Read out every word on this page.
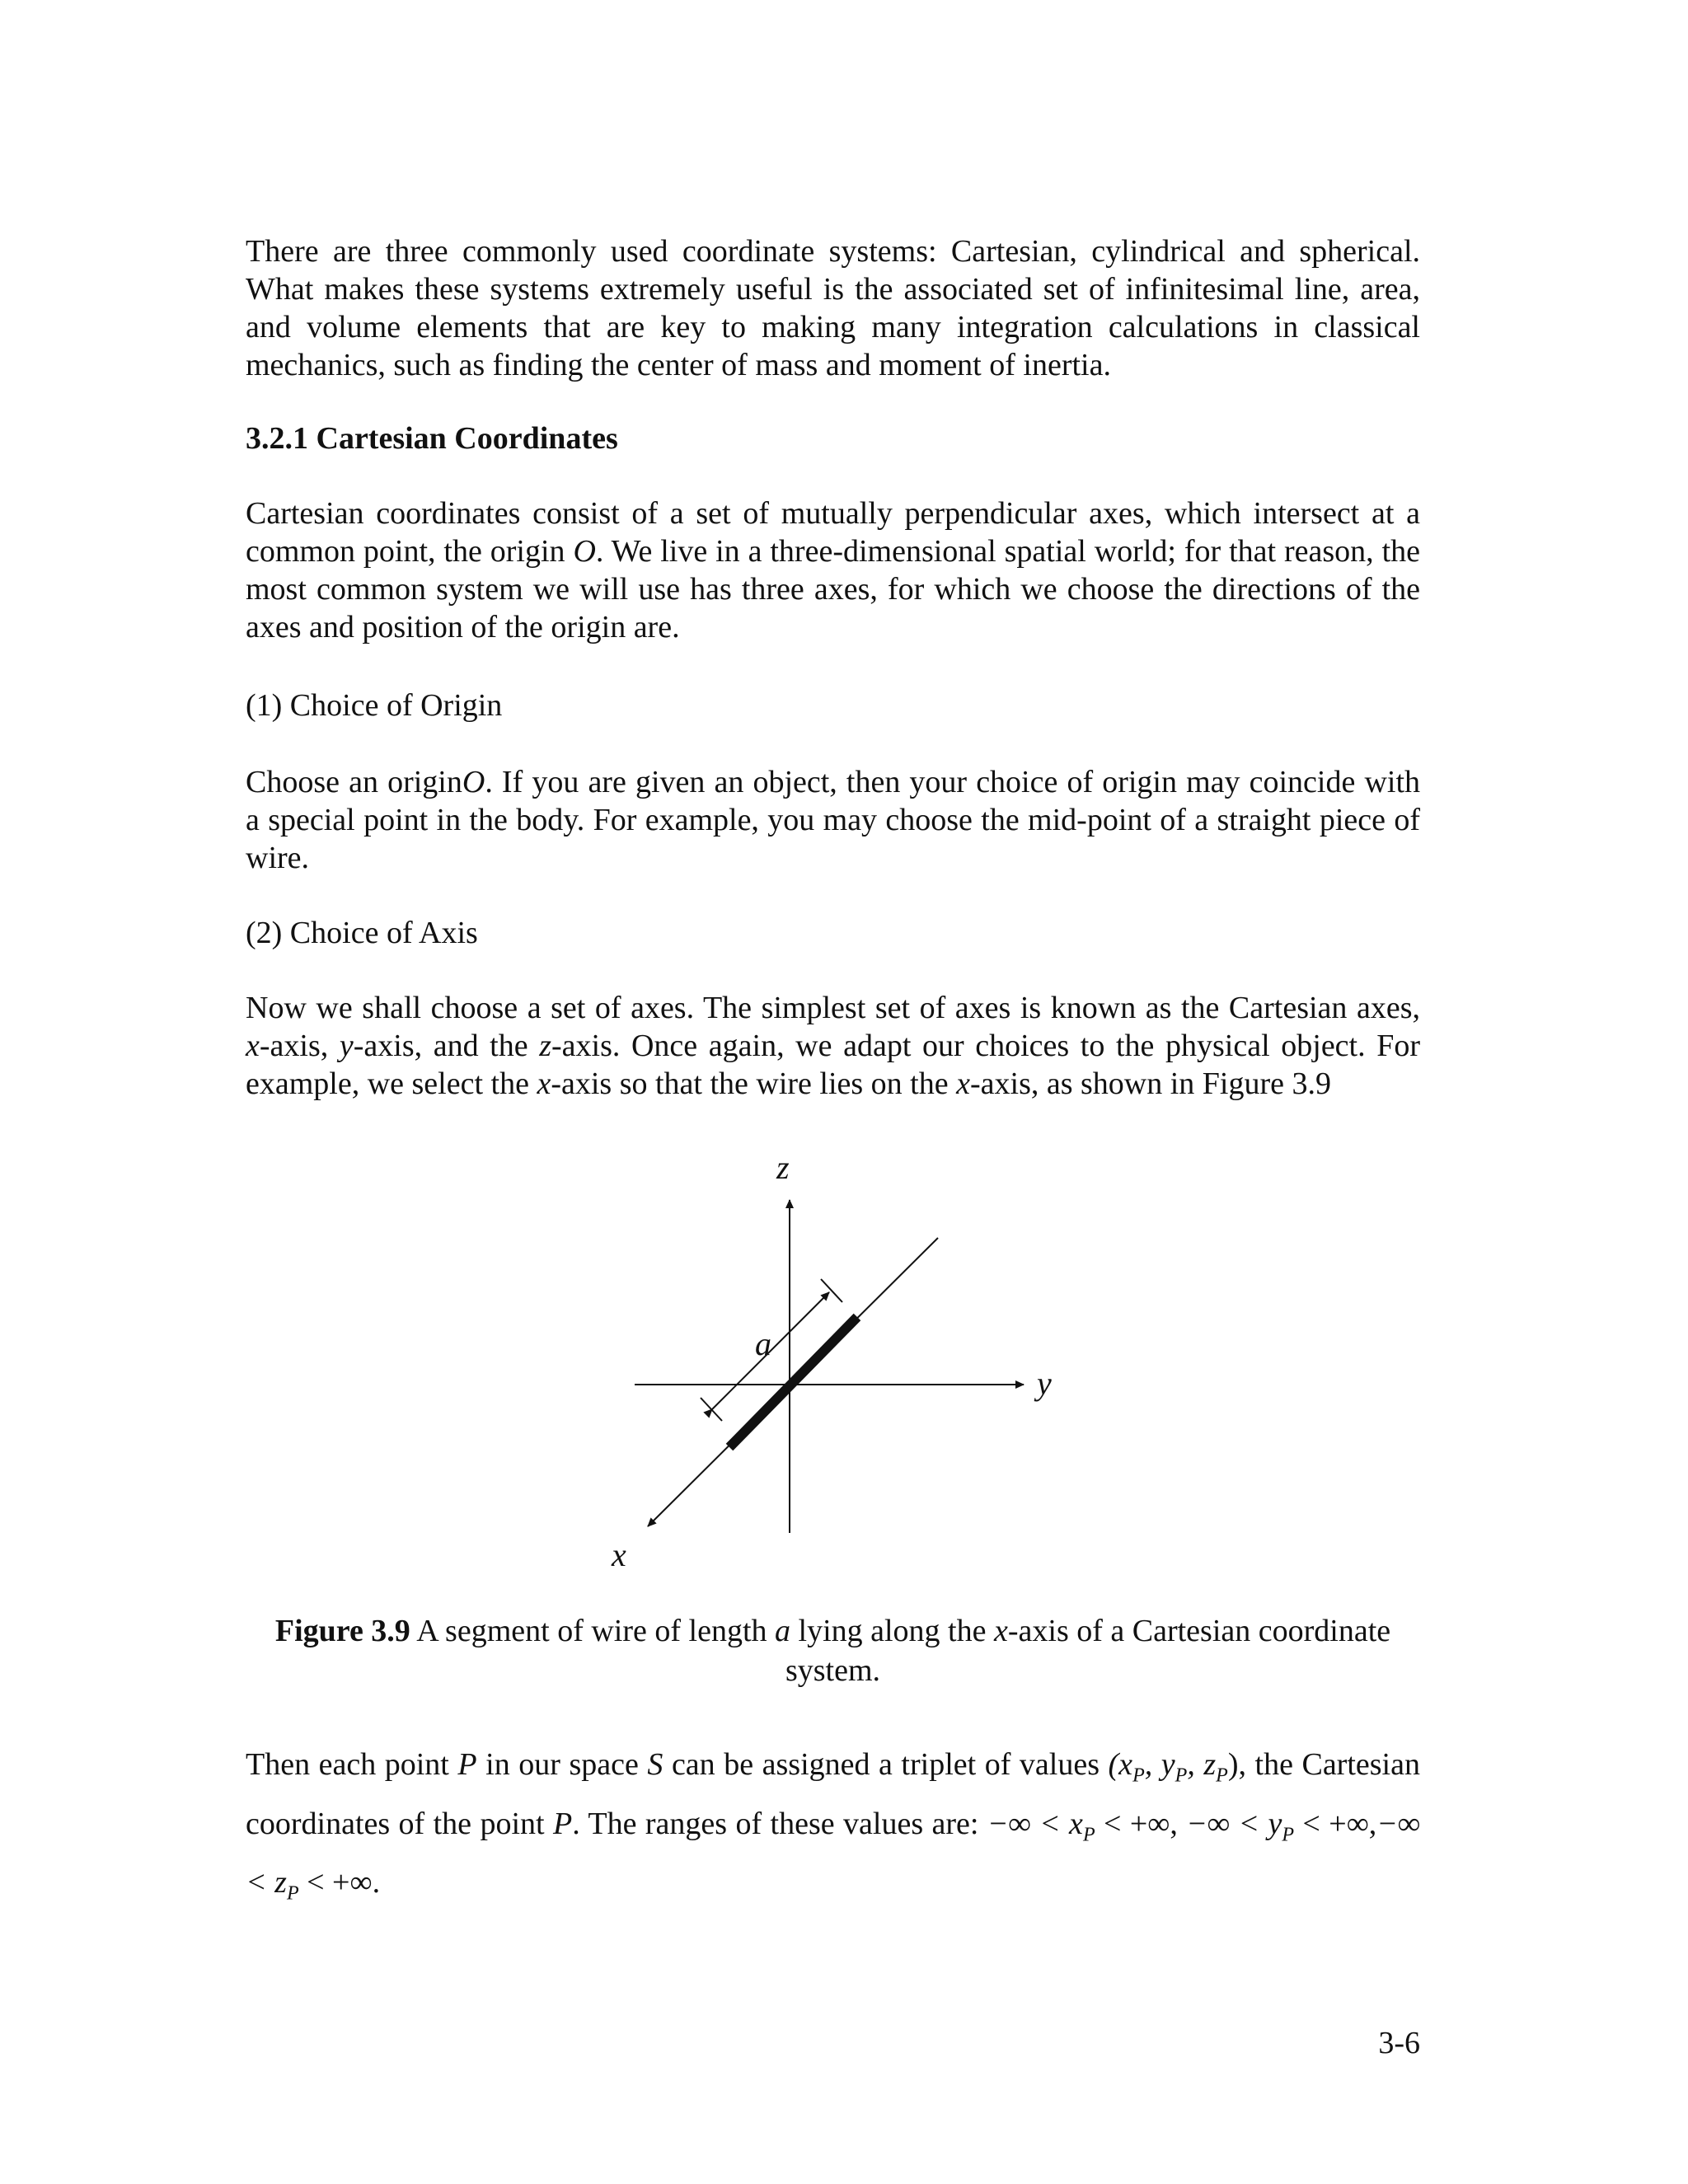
There are three commonly used coordinate systems: Cartesian, cylindrical and spherical. What makes these systems extremely useful is the associated set of infinitesimal line, area, and volume elements that are key to making many integration calculations in classical mechanics, such as finding the center of mass and moment of inertia.

3.2.1 Cartesian Coordinates

Cartesian coordinates consist of a set of mutually perpendicular axes, which intersect at a common point, the origin O. We live in a three-dimensional spatial world; for that reason, the most common system we will use has three axes, for which we choose the directions of the axes and position of the origin are.

(1) Choice of Origin

Choose an originO. If you are given an object, then your choice of origin may coincide with a special point in the body. For example, you may choose the mid-point of a straight piece of wire.

(2) Choice of Axis

Now we shall choose a set of axes. The simplest set of axes is known as the Cartesian axes, x-axis, y-axis, and the z-axis. Once again, we adapt our choices to the physical object. For example, we select the x-axis so that the wire lies on the x-axis, as shown in Figure 3.9

z
y
x
a

Figure 3.9 A segment of wire of length a lying along the x-axis of a Cartesian coordinate system.

Then each point P in our space S can be assigned a triplet of values ($x_P$, $y_P$, $z_P$), the Cartesian coordinates of the point P. The ranges of these values are: −∞ < $x_P$ < +∞, −∞ < $y_P$ < +∞,−∞ < $z_P$ < +∞.

3-6
